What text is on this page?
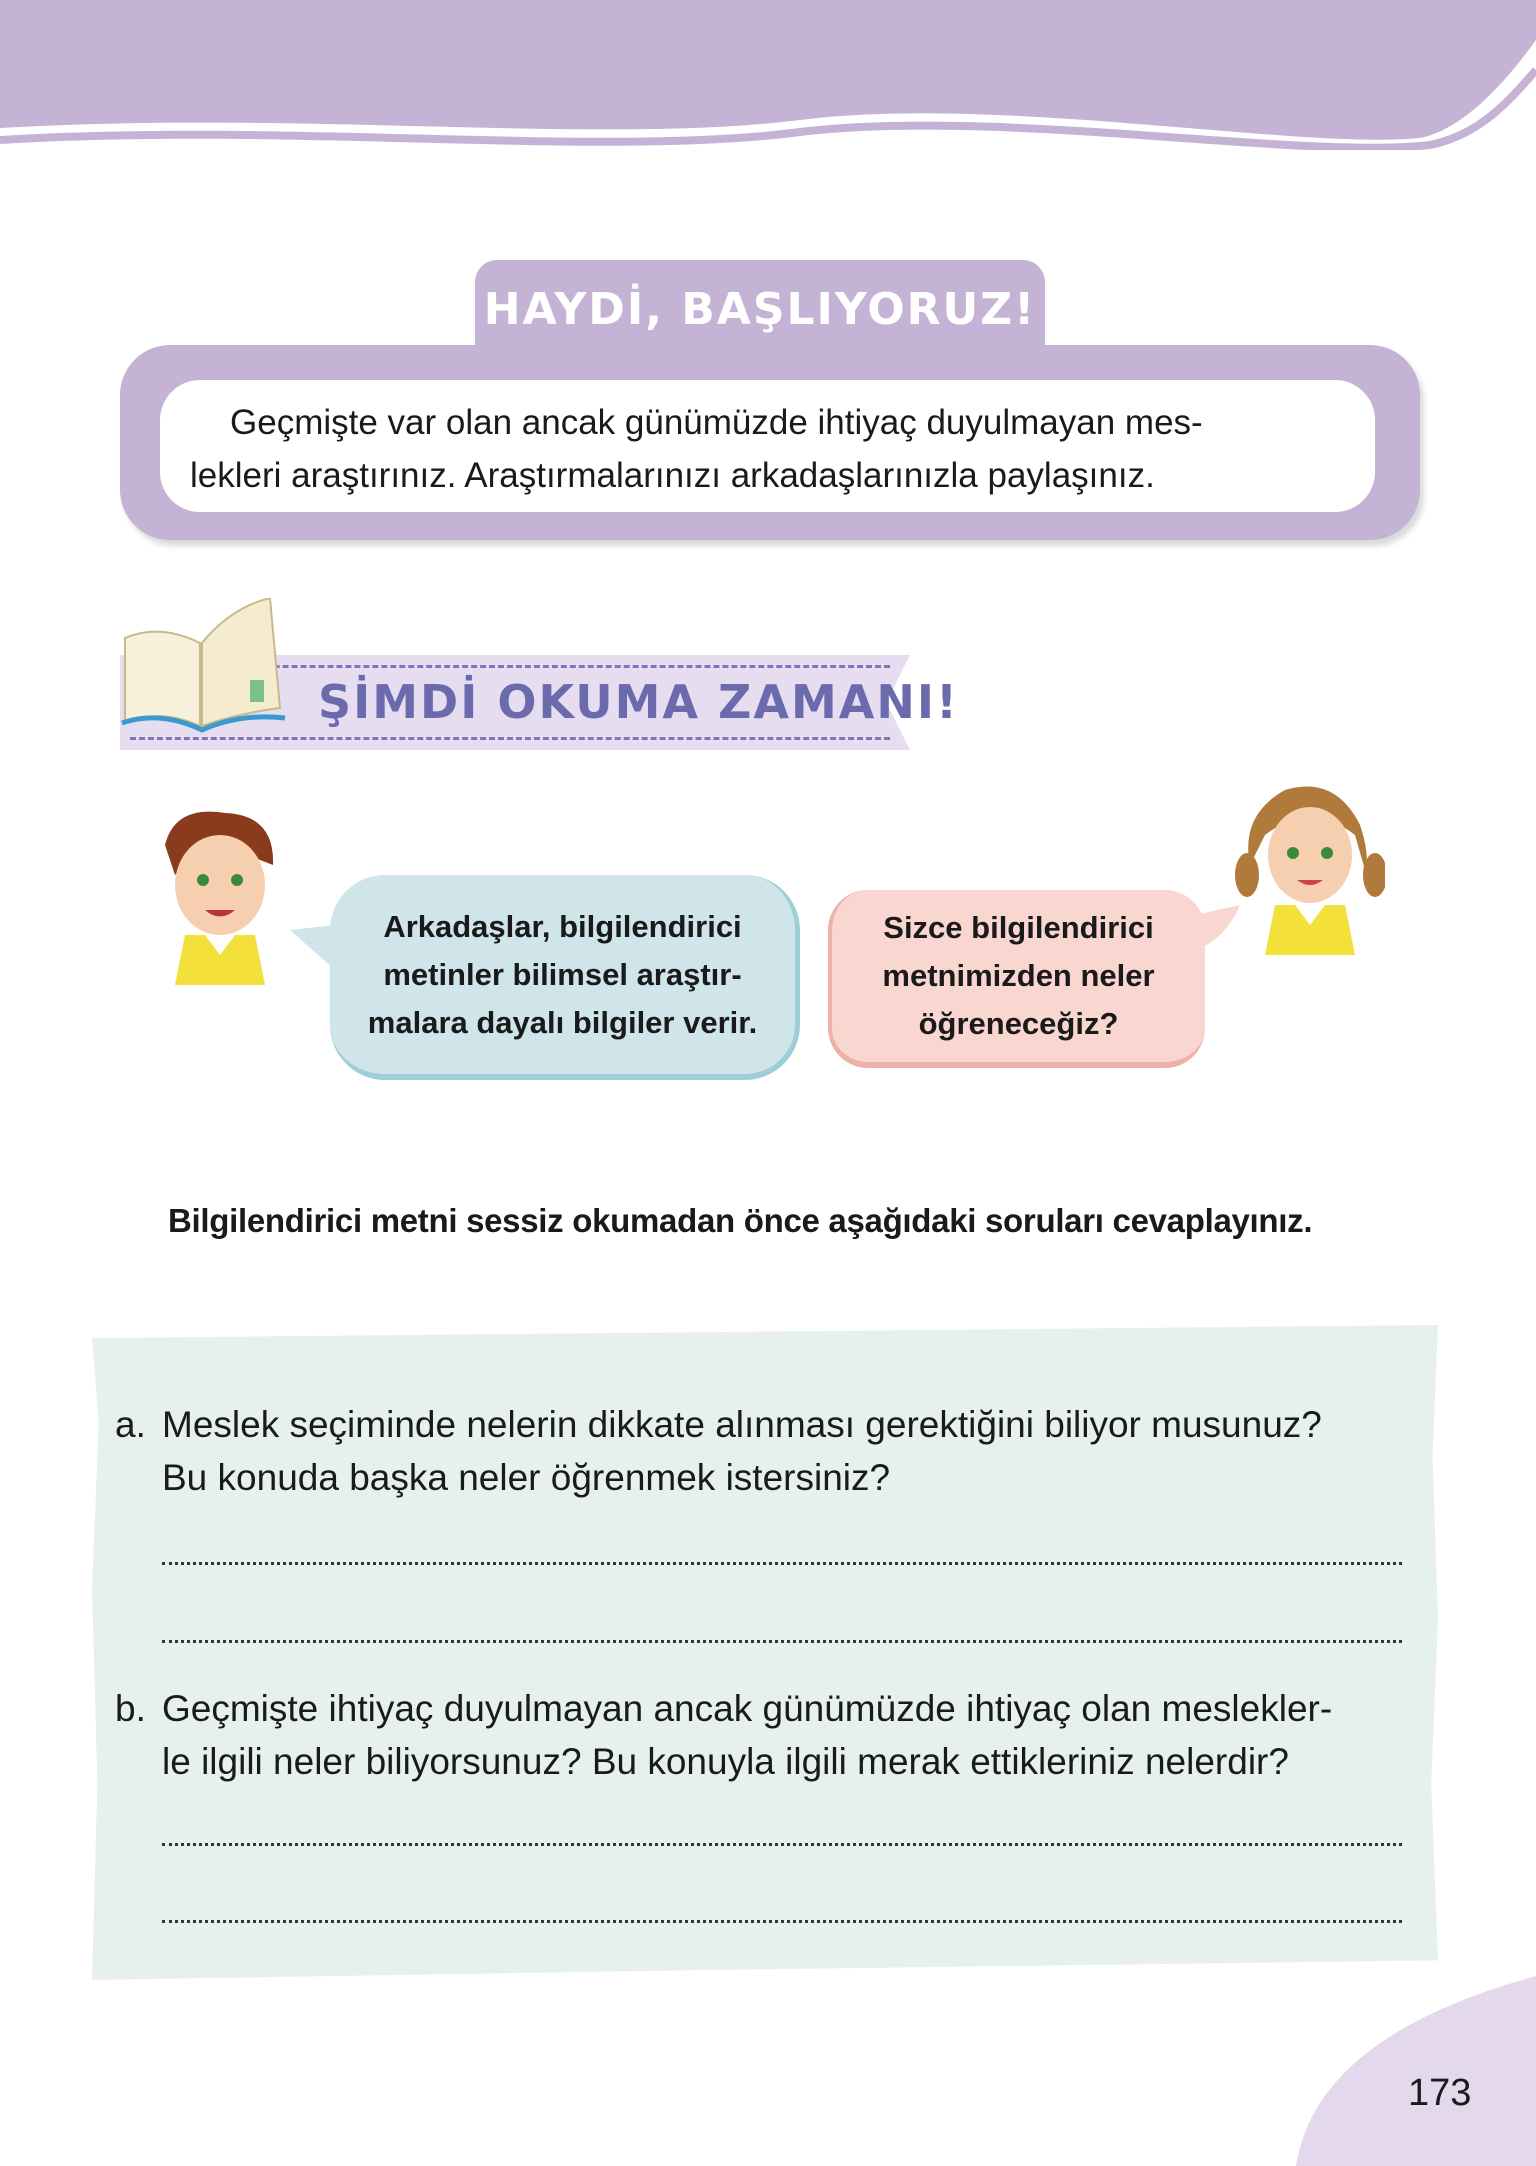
HAYDİ, BAŞLIYORUZ!

Geçmişte var olan ancak günümüzde ihtiyaç duyulmayan mes-

lekleri araştırınız. Araştırmalarınızı arkadaşlarınızla paylaşınız.
ŞİMDİ OKUMA ZAMANI!
Arkadaşlar, bilgilendirici
metinler bilimsel araştır-
malara dayalı bilgiler verir.
Sizce bilgilendirici
metnimizden neler
öğreneceğiz?
Bilgilendirici metni sessiz okumadan önce aşağıdaki soruları cevaplayınız.
a. Meslek seçiminde nelerin dikkate alınması gerektiğini biliyor musunuz?
Bu konuda başka neler öğrenmek istersiniz?
b. Geçmişte ihtiyaç duyulmayan ancak günümüzde ihtiyaç olan meslekler-
le ilgili neler biliyorsunuz? Bu konuyla ilgili merak ettikleriniz nelerdir?
173
